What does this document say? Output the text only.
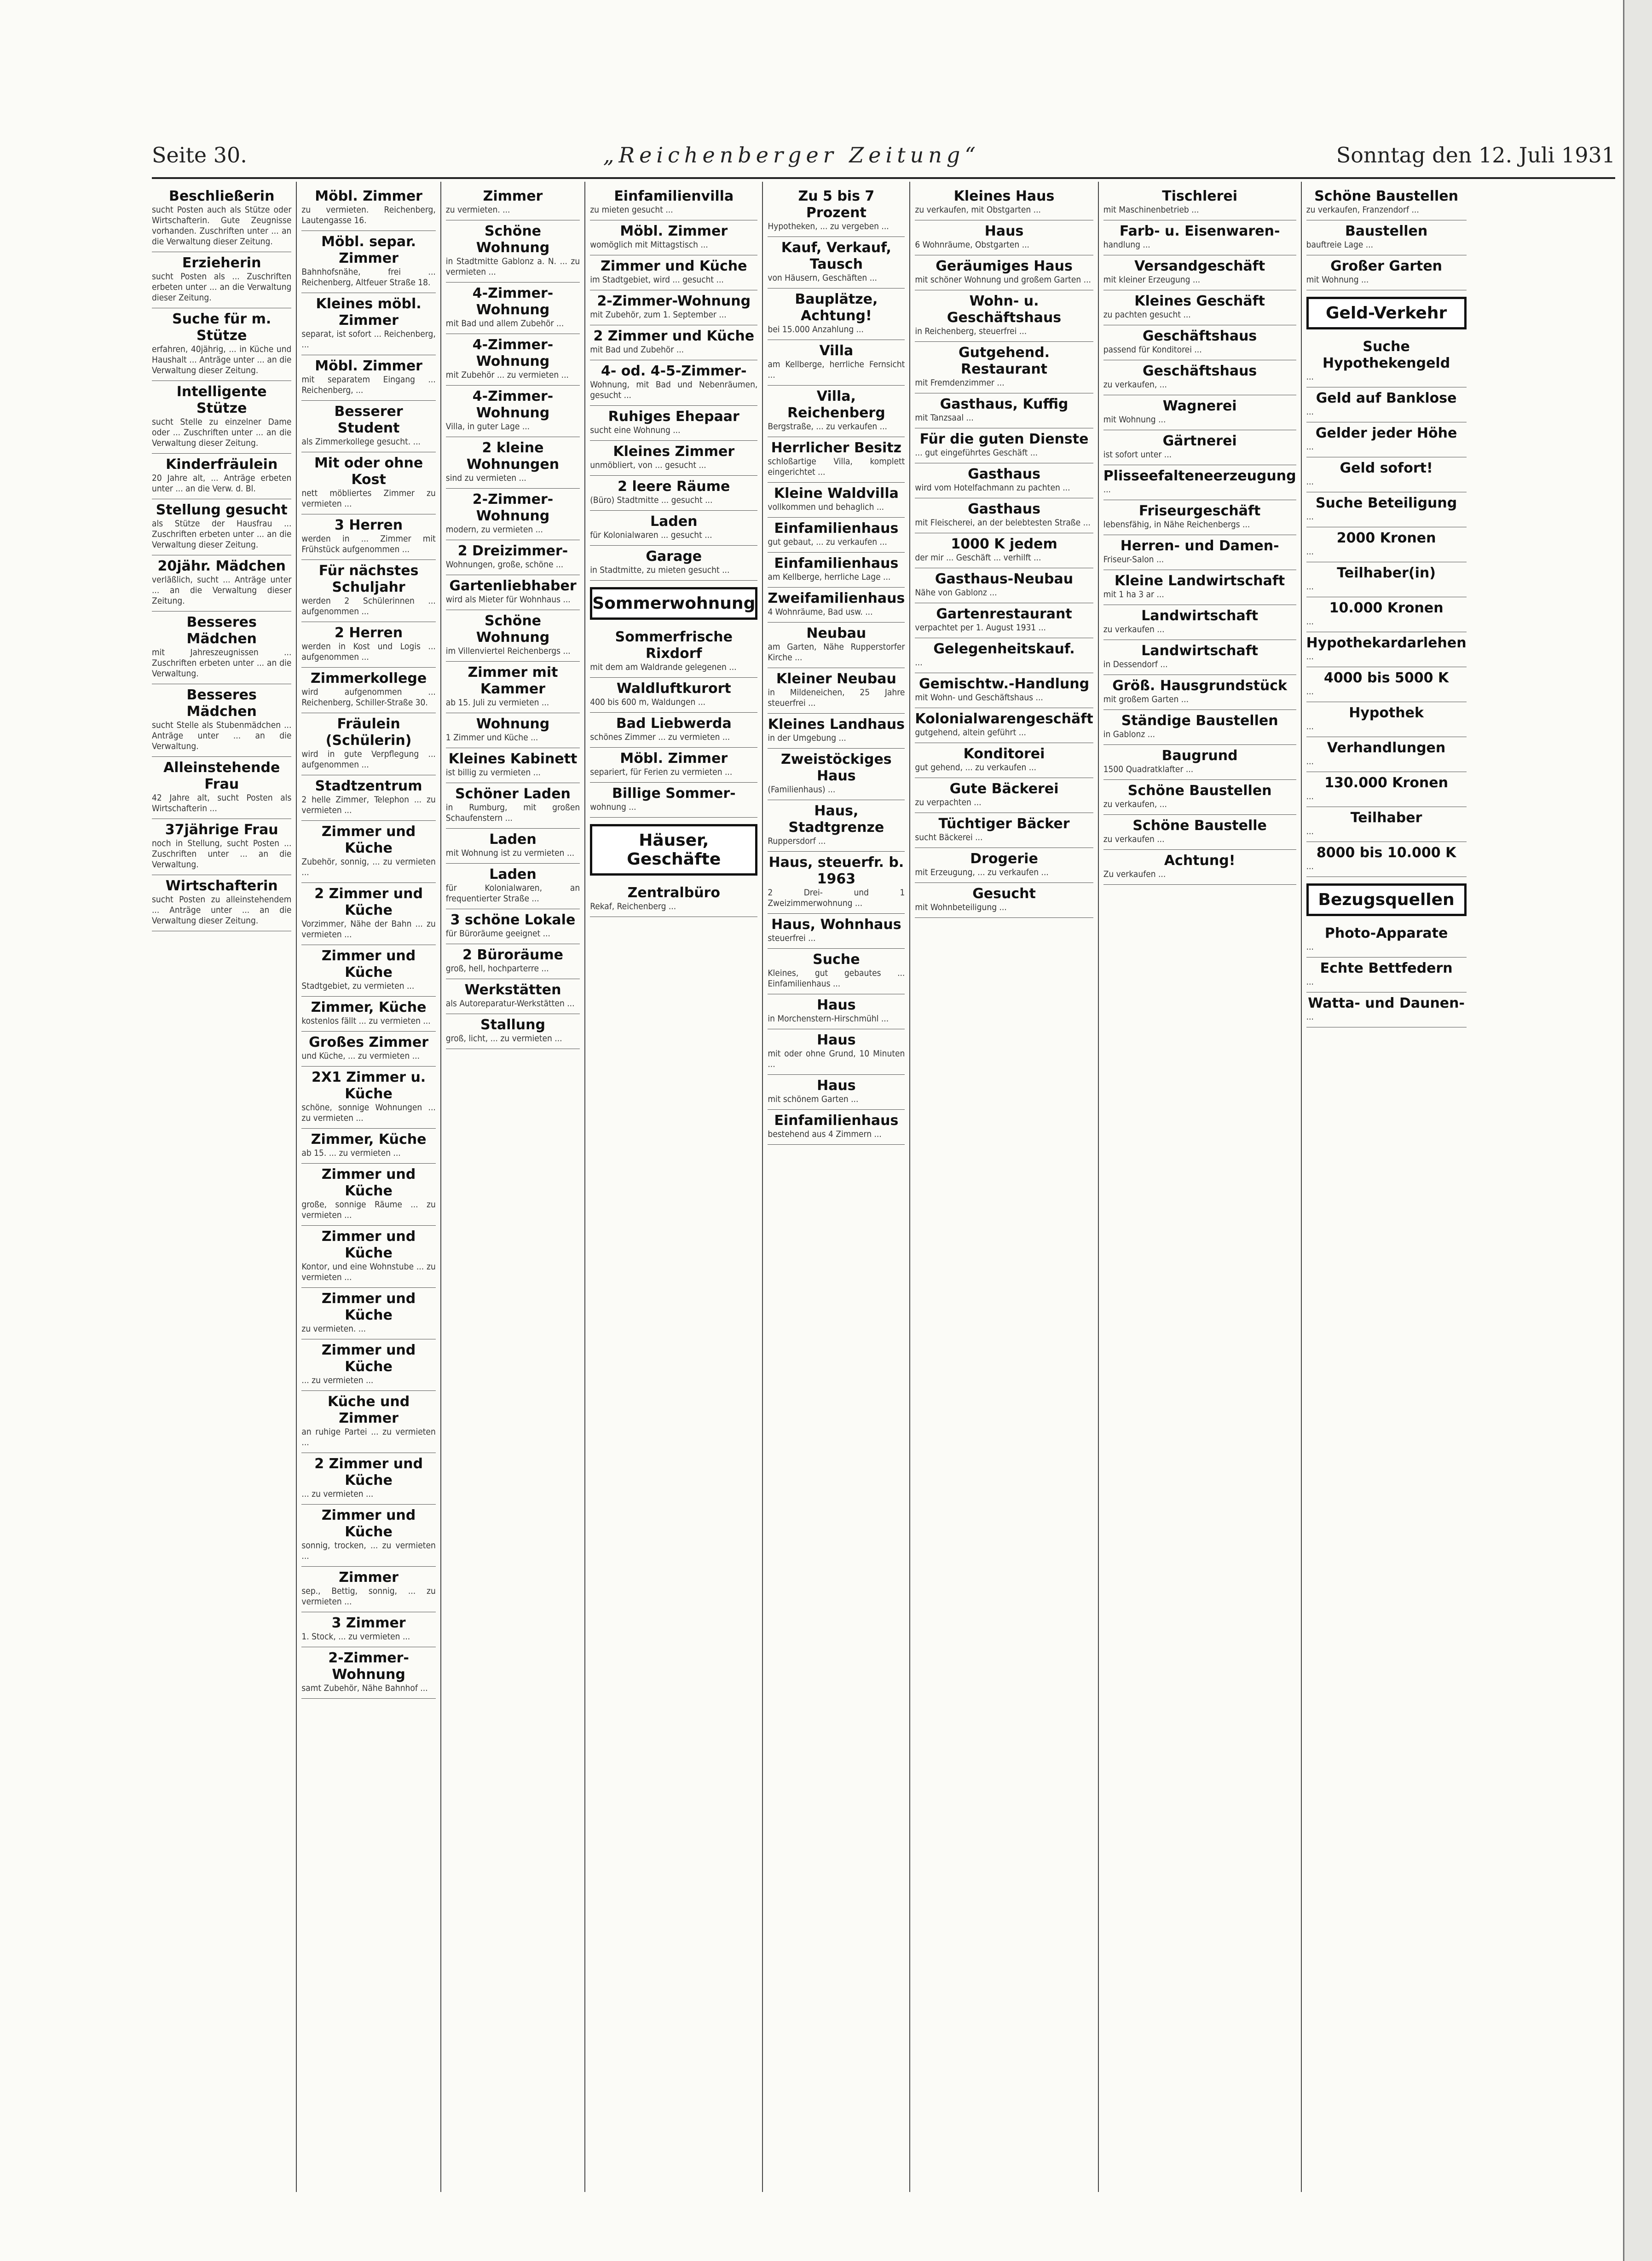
Seite 30.	„Reichenberger Zeitung“	Sonntag den 12. Juli 1931
Beschließerin
sucht Posten auch als Stütze oder Wirtschafterin. Gute Zeugnisse vorhanden. Zuschriften unter ... an die Verwaltung dieser Zeitung.
Erzieherin
sucht Posten als ... Zuschriften erbeten unter ... an die Verwaltung dieser Zeitung.
Suche für m. Stütze
erfahren, 40jährig, ... in Küche und Haushalt ... Anträge unter ... an die Verwaltung dieser Zeitung.
Intelligente Stütze
sucht Stelle zu einzelner Dame oder ... Zuschriften unter ... an die Verwaltung dieser Zeitung.
Kinderfräulein
20 Jahre alt, ... Anträge erbeten unter ... an die Verw. d. Bl.
Stellung gesucht
als Stütze der Hausfrau ... Zuschriften erbeten unter ... an die Verwaltung dieser Zeitung.
20jähr. Mädchen
verläßlich, sucht ... Anträge unter ... an die Verwaltung dieser Zeitung.
Besseres Mädchen
mit Jahreszeugnissen ... Zuschriften erbeten unter ... an die Verwaltung.
Besseres Mädchen
sucht Stelle als Stubenmädchen ... Anträge unter ... an die Verwaltung.
Alleinstehende Frau
42 Jahre alt, sucht Posten als Wirtschafterin ...
37jährige Frau
noch in Stellung, sucht Posten ... Zuschriften unter ... an die Verwaltung.
Wirtschafterin
sucht Posten zu alleinstehendem ... Anträge unter ... an die Verwaltung dieser Zeitung.
Möbl. Zimmer
zu vermieten. Reichenberg, Lautengasse 16.
Möbl. separ. Zimmer
Bahnhofsnähe, frei ... Reichenberg, Altfeuer Straße 18.
Kleines möbl. Zimmer
separat, ist sofort ... Reichenberg, ...
Möbl. Zimmer
mit separatem Eingang ... Reichenberg, ...
Besserer Student
als Zimmerkollege gesucht. ...
Mit oder ohne Kost
nett möbliertes Zimmer zu vermieten ...
3 Herren
werden in ... Zimmer mit Frühstück aufgenommen ...
Für nächstes Schuljahr
werden 2 Schülerinnen ... aufgenommen ...
2 Herren
werden in Kost und Logis ... aufgenommen ...
Zimmerkollege
wird aufgenommen ... Reichenberg, Schiller-Straße 30.
Fräulein (Schülerin)
wird in gute Verpflegung ... aufgenommen ...
Stadtzentrum
2 helle Zimmer, Telephon ... zu vermieten ...
Zimmer und Küche
Zubehör, sonnig, ... zu vermieten ...
2 Zimmer und Küche
Vorzimmer, Nähe der Bahn ... zu vermieten ...
Zimmer und Küche
Stadtgebiet, zu vermieten ...
Zimmer, Küche
kostenlos fällt ... zu vermieten ...
Großes Zimmer
und Küche, ... zu vermieten ...
2X1 Zimmer u. Küche
schöne, sonnige Wohnungen ... zu vermieten ...
Zimmer, Küche
ab 15. ... zu vermieten ...
Zimmer und Küche
große, sonnige Räume ... zu vermieten ...
Zimmer und Küche
Kontor, und eine Wohnstube ... zu vermieten ...
Zimmer und Küche
zu vermieten. ...
Zimmer und Küche
... zu vermieten ...
Küche und Zimmer
an ruhige Partei ... zu vermieten ...
2 Zimmer und Küche
... zu vermieten ...
Zimmer und Küche
sonnig, trocken, ... zu vermieten ...
Zimmer
sep., Bettig, sonnig, ... zu vermieten ...
3 Zimmer
1. Stock, ... zu vermieten ...
2-Zimmer-Wohnung
samt Zubehör, Nähe Bahnhof ...
Zimmer
zu vermieten. ...
Schöne Wohnung
in Stadtmitte Gablonz a. N. ... zu vermieten ...
4-Zimmer-Wohnung
mit Bad und allem Zubehör ...
4-Zimmer-Wohnung
mit Zubehör ... zu vermieten ...
4-Zimmer-Wohnung
Villa, in guter Lage ...
2 kleine Wohnungen
sind zu vermieten ...
2-Zimmer-Wohnung
modern, zu vermieten ...
2 Dreizimmer-
Wohnungen, große, schöne ...
Gartenliebhaber
wird als Mieter für Wohnhaus ...
Schöne Wohnung
im Villenviertel Reichenbergs ...
Zimmer mit Kammer
ab 15. Juli zu vermieten ...
Wohnung
1 Zimmer und Küche ...
Kleines Kabinett
ist billig zu vermieten ...
Schöner Laden
in Rumburg, mit großen Schaufenstern ...
Laden
mit Wohnung ist zu vermieten ...
Laden
für Kolonialwaren, an frequentierter Straße ...
3 schöne Lokale
für Büroräume geeignet ...
2 Büroräume
groß, hell, hochparterre ...
Werkstätten
als Autoreparatur-Werkstätten ...
Stallung
groß, licht, ... zu vermieten ...
Einfamilienvilla
zu mieten gesucht ...
Möbl. Zimmer
womöglich mit Mittagstisch ...
Zimmer und Küche
im Stadtgebiet, wird ... gesucht ...
2-Zimmer-Wohnung
mit Zubehör, zum 1. September ...
2 Zimmer und Küche
mit Bad und Zubehör ...
4- od. 4-5-Zimmer-
Wohnung, mit Bad und Nebenräumen, gesucht ...
Ruhiges Ehepaar
sucht eine Wohnung ...
Kleines Zimmer
unmöbliert, von ... gesucht ...
2 leere Räume
(Büro) Stadtmitte ... gesucht ...
Laden
für Kolonialwaren ... gesucht ...
Garage
in Stadtmitte, zu mieten gesucht ...
Sommerwohnung
Sommerfrische Rixdorf
mit dem am Waldrande gelegenen ...
Waldluftkurort
400 bis 600 m, Waldungen ...
Bad Liebwerda
schönes Zimmer ... zu vermieten ...
Möbl. Zimmer
separiert, für Ferien zu vermieten ...
Billige Sommer-
wohnung ...
Häuser, Geschäfte
Zentralbüro
Rekaf, Reichenberg ...
Zu 5 bis 7 Prozent
Hypotheken, ... zu vergeben ...
Kauf, Verkauf, Tausch
von Häusern, Geschäften ...
Bauplätze, Achtung!
bei 15.000 Anzahlung ...
Villa
am Kellberge, herrliche Fernsicht ...
Villa, Reichenberg
Bergstraße, ... zu verkaufen ...
Herrlicher Besitz
schloßartige Villa, komplett eingerichtet ...
Kleine Waldvilla
vollkommen und behaglich ...
Einfamilienhaus
gut gebaut, ... zu verkaufen ...
Einfamilienhaus
am Kellberge, herrliche Lage ...
Zweifamilienhaus
4 Wohnräume, Bad usw. ...
Neubau
am Garten, Nähe Rupperstorfer Kirche ...
Kleiner Neubau
in Mildeneichen, 25 Jahre steuerfrei ...
Kleines Landhaus
in der Umgebung ...
Zweistöckiges Haus
(Familienhaus) ...
Haus, Stadtgrenze
Ruppersdorf ...
Haus, steuerfr. b. 1963
2 Drei- und 1 Zweizimmerwohnung ...
Haus, Wohnhaus
steuerfrei ...
Suche
Kleines, gut gebautes ... Einfamilienhaus ...
Haus
in Morchenstern-Hirschmühl ...
Haus
mit oder ohne Grund, 10 Minuten ...
Haus
mit schönem Garten ...
Einfamilienhaus
bestehend aus 4 Zimmern ...
Kleines Haus
zu verkaufen, mit Obstgarten ...
Haus
6 Wohnräume, Obstgarten ...
Geräumiges Haus
mit schöner Wohnung und großem Garten ...
Wohn- u. Geschäftshaus
in Reichenberg, steuerfrei ...
Gutgehend. Restaurant
mit Fremdenzimmer ...
Gasthaus, Kuffig
mit Tanzsaal ...
Für die guten Dienste
... gut eingeführtes Geschäft ...
Gasthaus
wird vom Hotelfachmann zu pachten ...
Gasthaus
mit Fleischerei, an der belebtesten Straße ...
1000 K jedem
der mir ... Geschäft ... verhilft ...
Gasthaus-Neubau
Nähe von Gablonz ...
Gartenrestaurant
verpachtet per 1. August 1931 ...
Gelegenheitskauf.
...
Gemischtw.-Handlung
mit Wohn- und Geschäftshaus ...
Kolonialwarengeschäft
gutgehend, altein geführt ...
Konditorei
gut gehend, ... zu verkaufen ...
Gute Bäckerei
zu verpachten ...
Tüchtiger Bäcker
sucht Bäckerei ...
Drogerie
mit Erzeugung, ... zu verkaufen ...
Gesucht
mit Wohnbeteiligung ...
Tischlerei
mit Maschinenbetrieb ...
Farb- u. Eisenwaren-
handlung ...
Versandgeschäft
mit kleiner Erzeugung ...
Kleines Geschäft
zu pachten gesucht ...
Geschäftshaus
passend für Konditorei ...
Geschäftshaus
zu verkaufen, ...
Wagnerei
mit Wohnung ...
Gärtnerei
ist sofort unter ...
Plisseefalteneerzeugung
...
Friseurgeschäft
lebensfähig, in Nähe Reichenbergs ...
Herren- und Damen-
Friseur-Salon ...
Kleine Landwirtschaft
mit 1 ha 3 ar ...
Landwirtschaft
zu verkaufen ...
Landwirtschaft
in Dessendorf ...
Größ. Hausgrundstück
mit großem Garten ...
Ständige Baustellen
in Gablonz ...
Baugrund
1500 Quadratklafter ...
Schöne Baustellen
zu verkaufen, ...
Schöne Baustelle
zu verkaufen ...
Achtung!
Zu verkaufen ...
Schöne Baustellen
zu verkaufen, Franzendorf ...
Baustellen
bauftreie Lage ...
Großer Garten
mit Wohnung ...
Geld-Verkehr
Suche Hypothekengeld
...
Geld auf Banklose
...
Gelder jeder Höhe
...
Geld sofort!
...
Suche Beteiligung
...
2000 Kronen
...
Teilhaber(in)
...
10.000 Kronen
...
Hypothekardarlehen
...
4000 bis 5000 K
...
Hypothek
...
Verhandlungen
...
130.000 Kronen
...
Teilhaber
...
8000 bis 10.000 K
...
Bezugsquellen
Photo-Apparate
...
Echte Bettfedern
...
Watta- und Daunen-
...
